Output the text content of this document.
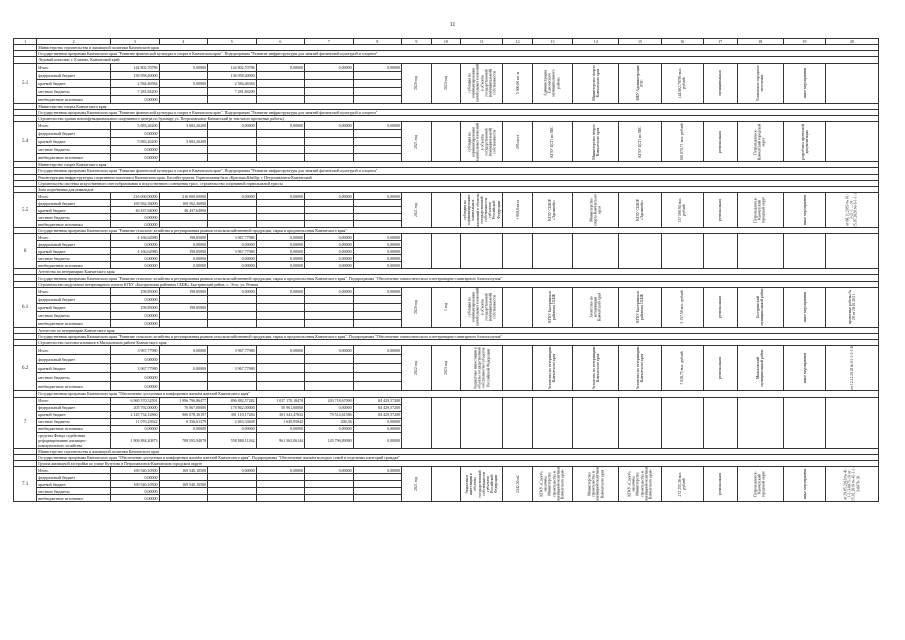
11
1	2	3	4	5	6	7	8	9	10	11	12	13	14	15	16	17	18	19	20
	Министерство строительства и жилищной политики Камчатского края																		
	Государственная программа Камчатского края "Развитие физической культуры и спорта в Камчатском крае". Подпрограмма "Развитие инфраструктуры для занятий физической культурой и спортом"																		
	Ледовый комплекс г. Елизово, Камчатский край																		
5.1	Итого	144 802,70786	0,00000	144 802,70786	0,00000	0,00000	0,00000	2020 год	2023 год	субсидия на софинансирование капитальных вложений в объекты государственной (муниципальной) собственности	5 000,00 кв. м	Администрация Елизовского муниципального района	Министерство спорта Камчатского края	МБУ Администрация РЭС	144 802,70786 тыс. рублей	муниципальная	Елизовское городское поселение	иные мероприятия	

	федеральный бюджет	136 958,40000		136 958,40000															
	краевой бюджет	2 584,46584	0,00000	2 584,46584															
	местные бюджеты	7 281,84200		7 281,84200															
	внебюджетные источники	0,00000																	
	Министерство спорта Камчатского края																		
	Государственная программа Камчатского края "Развитие физической культуры и спорта в Камчатском крае". Подпрограмма "Развитие инфраструктуры для занятий физической культурой и спортом"																		
	Строительство здания многофункционального спортивного центра по бульвару ул. Петропавловск-Камчатский (в том числе проектные работы)																		
5.4	Итого	5 683,26200	3 683,26200	0,00000	0,00000	0,00000	0,00000	2021 год		субсидия на софинансирование капитальных вложений в объекты государственной (муниципальной) собственности	295 мест	КГАУ ЦСП по ЗВС	Министерство спорта Камчатского края	КГАУ ЦСП по ЗВС	106 070,71 тыс. рублей	региональная	Петропавловск-Камчатский городской округ	разработка проектной документации	

	федеральный бюджет	0,00000																	
	краевой бюджет	5 683,26200	5 683,26200																
	местные бюджеты	0,00000																	
	внебюджетные источники	0,00000																	
	Министерство спорта Камчатского края																		
	Государственная программа Камчатского края "Развитие физической культуры и спорта в Камчатском крае". Подпрограмма "Развитие инфраструктуры для занятий физической культурой и спортом"																		
	Реконструкция инфраструктуры спортивного комплекса Камчатского края. Бассейн группы. Горнолыжная база «Красная»&hellip; г. Петропавловск-Камчатский																		
	Строительство системы искусственного снегообразования и искусственного освещения трасс, строительство спортивной горнолыжной трассы																		
	Зона подъёмника для инвалидов																		
5.5	Итого	216 000,00000	216 000,00000	0,00000	0,00000	0,00000	0,00000	2021 год		субсидия на софинансирование капитальных вложений в объекты государственной собственности субъектов Российской Федерации	1 958,8 кв.м	КГАУ СШОР «Эдельвейс»	Министерство спорта Камчатского края	КГАУ СШОР «Эдельвейс»	137 590,94 тыс. рублей	региональная	Петропавловск-Камчатский городской округ	иные мероприятия	от 08.11.2019 № 01-3-21-1 ... от 15.07.2020 № 6-1-1-1

	федеральный бюджет	169 562,36000	169 562,36000																
	краевой бюджет	46 437,64000	46 437,64000																
	местные бюджеты	0,00000																	
	внебюджетные источники	0,00000																	
	Государственная программа Камчатского края "Развитие сельского хозяйства и регулирования рынков сельскохозяйственной продукции, сырья и продовольствия Камчатского края"																		
6	Итого	4 166,62980	198,85000	3 967,77980	0,00000	0,00000	0,00000												
	федеральный бюджет	0,00000	0,00000	0,00000	0,00000	0,00000	0,00000												
	краевой бюджет	4 166,62980	198,85000	3 967,77980	0,00000	0,00000	0,00000												
	местные бюджеты	0,00000	0,00000	0,00000	0,00000	0,00000	0,00000												
	внебюджетные источники	0,00000	0,00000	0,00000	0,00000	0,00000	0,00000												
	Агентство по ветеринарии Камчатского края																		
	Государственная программа Камчатского края "Развитие сельского хозяйства и регулирования рынков сельскохозяйственной продукции, сырья и продовольствия Камчатского края". Подпрограмма "Обеспечение эпизоотического и ветеринарно-санитарного благополучия"																		
	Строительство модульного ветеринарного пункта КГБУ «Быстринская районная СББЖ» Быстринский район, с. Эссо, ул. Речная																		
6.1	Итого	198,85000	198,85000	0,00000	0,00000	0,00000	0,00000	2020 год	1 год	субсидия на софинансирование капитальных вложений в объекты государственной (муниципальной) собственности		КГБУ Быстринская районная СББЖ	Агентство по ветеринарии Камчатского края	КГБУ Быстринская районная СББЖ	3 157,58 тыс. рублей	региональная	Быстринский муниципальный район	иные мероприятия	проектные работы № 29 от 28.01.2021

	федеральный бюджет	0,00000																	
	краевой бюджет	198,85000	198,85000																
	местные бюджеты	0,00000																	
	внебюджетные источники	0,00000																	
	Агентство по ветеринарии Камчатского края																		
	Государственная программа Камчатского края "Развитие сельского хозяйства и регулирования рынков сельскохозяйственной продукции, сырья и продовольствия Камчатского края". Подпрограмма "Обеспечение эпизоотического и ветеринарно-санитарного благополучия"																		
	Строительство скотомогильников в Мильковском районе Камчатского края																		
6.2	Итого	3 967,77980	0,00000	3 967,77980	0,00000	0,00000	0,00000	2022 год	2023 год	бюджетные инвестиции в объекты государственной собственности субъектов Российской Федерации		Агентство по ветеринарии Камчатского края	Агентство по ветеринарии Камчатского края	Агентство по ветеринарии Камчатского края	7 028,75 тыс. рублей	региональная	Мильковский муниципальный район	иные мероприятия	от 12.12.2018 № 01-1-2-1/8

	федеральный бюджет	0,00000																	
	краевой бюджет	3 967,77980	0,00000	3 967,77980															
	местные бюджеты	0,00000																	
	внебюджетные источники	0,00000																	
	Государственная программа Камчатского края "Обеспечение доступным и комфортным жильём жителей Камчатского края"																		
7	Итого	6 960 570,52591	1 996 796,86477	896 882,57282	1 037 170,18470	203 718,67090	84 429,57200												
	федеральный бюджет	205 792,00000	76 067,00000	178 862,00000	50 961,00000	0,00000	84 429,57200												
	краевой бюджет	2 145 734,12860	906 078,36197	391 110,17284	301 341,47632	79 514,61586	84 429,57200												
	местные бюджеты	11 070,25622	6 356,61379	2 663,33648	1 649,95842	400,36	0,00000												
	внебюджетные источники	0,00000	0,00000	0,00000	0,00000	0,00000	0,00000												
	средства Фонда содействия реформированию жилищно-коммунального хозяйства	1 806 884,20873	788 595,94078	558 880,11262	961 363,06144	120 796,89080	0,00000												
	Министерство строительства и жилищной политики Камчатского края																		
	Государственная программа Камчатского края "Обеспечение доступным и комфортным жильём жителей Камчатского края". Подпрограмма "Обеспечение жильём молодых семей и отдельных категорий граждан"																		
	Группа жилищной застройки по улице Кутузова в Петропавловск-Камчатском городском округе																		
7.1	Итого	169 540,10500	169 540,10500	0,00000	0,00000	0,00000	0,00000	2021 год		бюджетные инвестиции в объекты государственной собственности субъектов Российской Федерации	2342,30 м2	КГКУ «Служба заказчика Министерства строительства и жилищной политики Камчатского края»	Министерство строительства и жилищной политики Камчатского края	КГКУ «Служба заказчика Министерства строительства и жилищной политики Камчатского края»	272 255,38 тыс. рублей	региональная	Петропавловск-Камчатский городской округ	иные мероприятия	от 29.05.2018 № 41-1-1-3-0075-18 от 15.01.2019 № 41-1-1-3-0076-18

	федеральный бюджет	0,00000																	
	краевой бюджет	169 540,10500	169 540,10500																
	местные бюджеты	0,00000																	
	внебюджетные источники	0,00000																	
